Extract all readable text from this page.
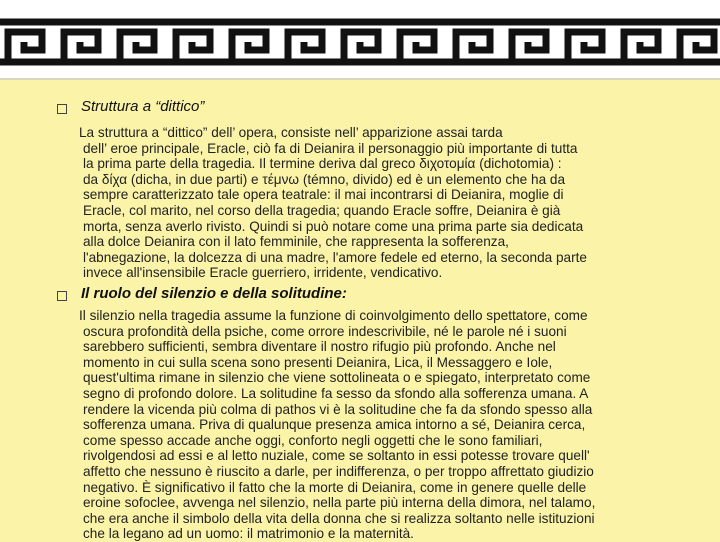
Struttura a “dittico”

La struttura a “dittico” dell’ opera, consiste nell’ apparizione assai tarda

dell’ eroe principale, Eracle, ciò fa di Deianira il personaggio più importante di tutta

la prima parte della tragedia. Il termine deriva dal greco διχοτομία (dichotomia) :

da δίχα (dicha, in due parti) e τέμνω (témno, divido) ed è un elemento che ha da

sempre caratterizzato tale opera teatrale: il mai incontrarsi di Deianira, moglie di

Eracle, col marito, nel corso della tragedia; quando Eracle soffre, Deianira è già

morta, senza averlo rivisto. Quindi si può notare come una prima parte sia dedicata

alla dolce Deianira con il lato femminile, che rappresenta la sofferenza,

l'abnegazione, la dolcezza di una madre, l'amore fedele ed eterno, la seconda parte

invece all'insensibile Eracle guerriero, irridente, vendicativo.

Il ruolo del silenzio e della solitudine:

Il silenzio nella tragedia assume la funzione di coinvolgimento dello spettatore, come

oscura profondità della psiche, come orrore indescrivibile, né le parole né i suoni

sarebbero sufficienti, sembra diventare il nostro rifugio più profondo. Anche nel

momento in cui sulla scena sono presenti Deianira, Lica, il Messaggero e Iole,

quest'ultima rimane in silenzio che viene sottolineata o e spiegato, interpretato come

segno di profondo dolore. La solitudine fa sesso da sfondo alla sofferenza umana. A

rendere la vicenda più colma di pathos vi è la solitudine che fa da sfondo spesso alla

sofferenza umana. Priva di qualunque presenza amica intorno a sé, Deianira cerca,

come spesso accade anche oggi, conforto negli oggetti che le sono familiari,

rivolgendosi ad essi e al letto nuziale, come se soltanto in essi potesse trovare quell'

affetto che nessuno è riuscito a darle, per indifferenza, o per troppo affrettato giudizio

negativo. È significativo il fatto che la morte di Deianira, come in genere quelle delle

eroine sofoclee, avvenga nel silenzio, nella parte più interna della dimora, nel talamo,

che era anche il simbolo della vita della donna che si realizza soltanto nelle istituzioni

che la legano ad un uomo: il matrimonio e la maternità.
